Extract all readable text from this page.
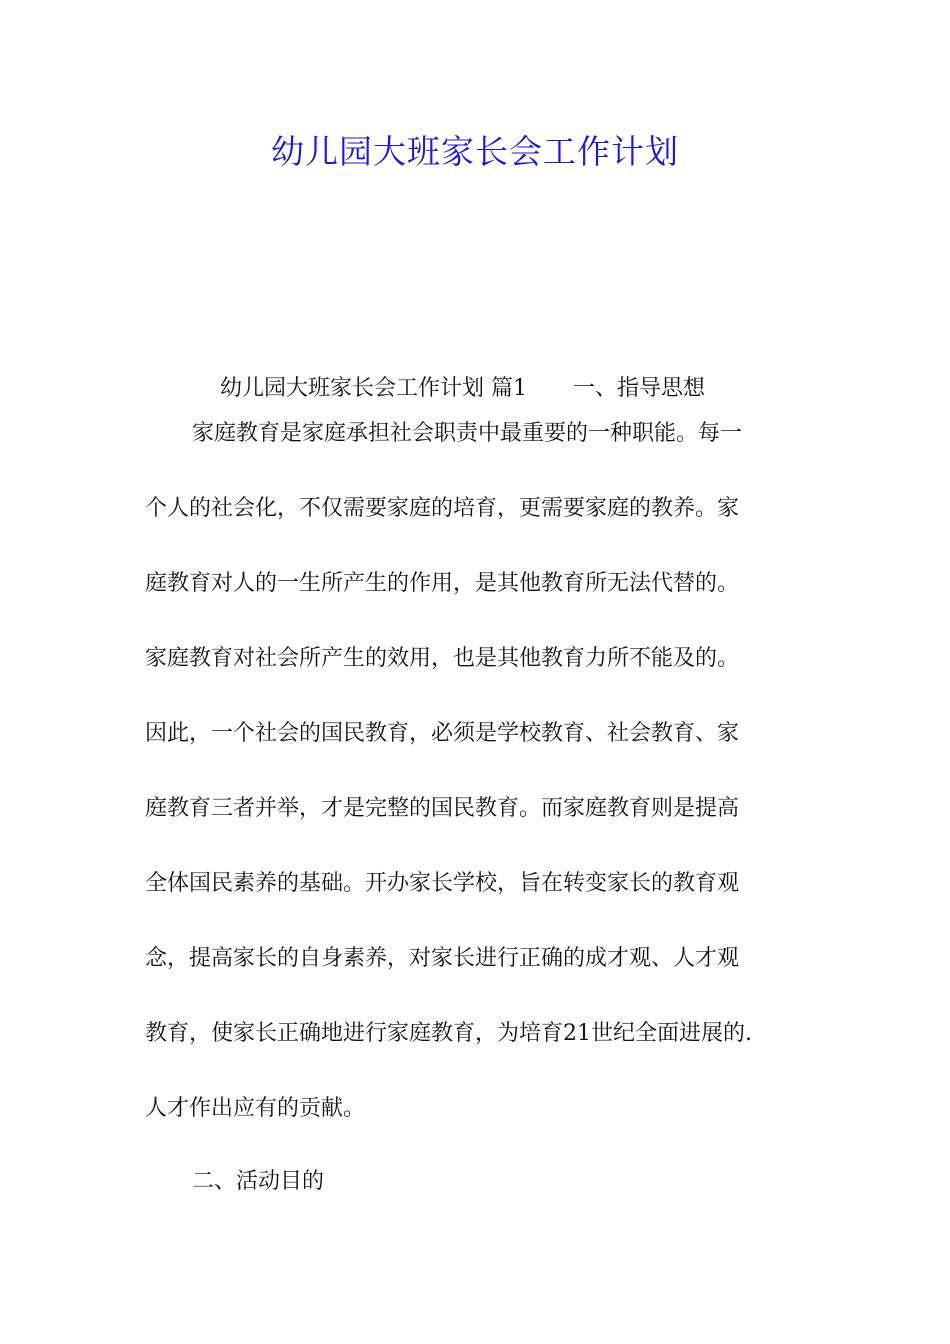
幼儿园大班家长会工作计划

幼儿园大班家长会工作计划 篇1 一、指导思想

家庭教育是家庭承担社会职责中最重要的一种职能。每一

个人的社会化，不仅需要家庭的培育，更需要家庭的教养。家

庭教育对人的一生所产生的作用，是其他教育所无法代替的。

家庭教育对社会所产生的效用，也是其他教育力所不能及的。

因此，一个社会的国民教育，必须是学校教育、社会教育、家

庭教育三者并举，才是完整的国民教育。而家庭教育则是提高

全体国民素养的基础。开办家长学校，旨在转变家长的教育观

念，提高家长的自身素养，对家长进行正确的成才观、人才观

教育，使家长正确地进行家庭教育，为培育21世纪全面进展的.

人才作出应有的贡献。

二、活动目的
